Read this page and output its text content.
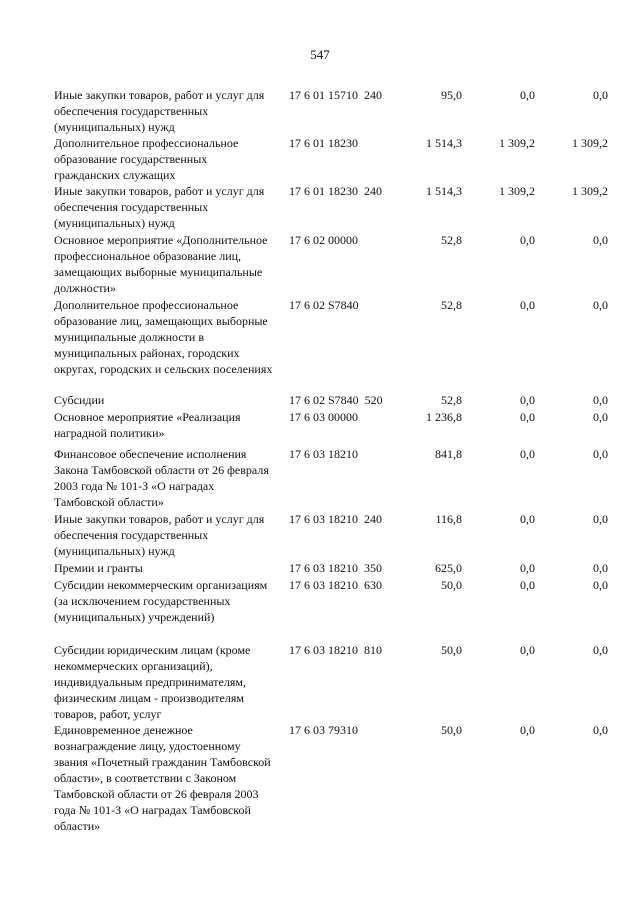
547
Иные закупки товаров, работ и услуг для обеспечения государственных (муниципальных) нужд
17 6 01 15710  240	95,0	0,0	0,0
Дополнительное профессиональное образование государственных гражданских служащих
17 6 01 18230	1 514,3	1 309,2	1 309,2
Иные закупки товаров, работ и услуг для обеспечения государственных (муниципальных) нужд
17 6 01 18230  240	1 514,3	1 309,2	1 309,2
Основное мероприятие «Дополнительное профессиональное образование лиц, замещающих выборные муниципальные должности»
17 6 02 00000	52,8	0,0	0,0
Дополнительное профессиональное образование лиц, замещающих выборные муниципальные должности в муниципальных районах, городских округах, городских и сельских поселениях
17 6 02 S7840	52,8	0,0	0,0
Субсидии	17 6 02 S7840  520	52,8	0,0	0,0
Основное мероприятие «Реализация наградной политики»
17 6 03 00000	1 236,8	0,0	0,0
Финансовое обеспечение исполнения Закона Тамбовской области от 26 февраля 2003 года № 101-З «О наградах Тамбовской области»
17 6 03 18210	841,8	0,0	0,0
Иные закупки товаров, работ и услуг для обеспечения государственных (муниципальных) нужд
17 6 03 18210  240	116,8	0,0	0,0
Премии и гранты	17 6 03 18210  350	625,0	0,0	0,0
Субсидии некоммерческим организациям (за исключением государственных (муниципальных) учреждений)
17 6 03 18210  630	50,0	0,0	0,0
Субсидии юридическим лицам (кроме некоммерческих организаций), индивидуальным предпринимателям, физическим лицам - производителям товаров, работ, услуг
17 6 03 18210  810	50,0	0,0	0,0
Единовременное денежное вознаграждение лицу, удостоенному звания «Почетный гражданин Тамбовской области», в соответствии с Законом Тамбовской области от 26 февраля 2003 года № 101-З «О наградах Тамбовской области»
17 6 03 79310	50,0	0,0	0,0
